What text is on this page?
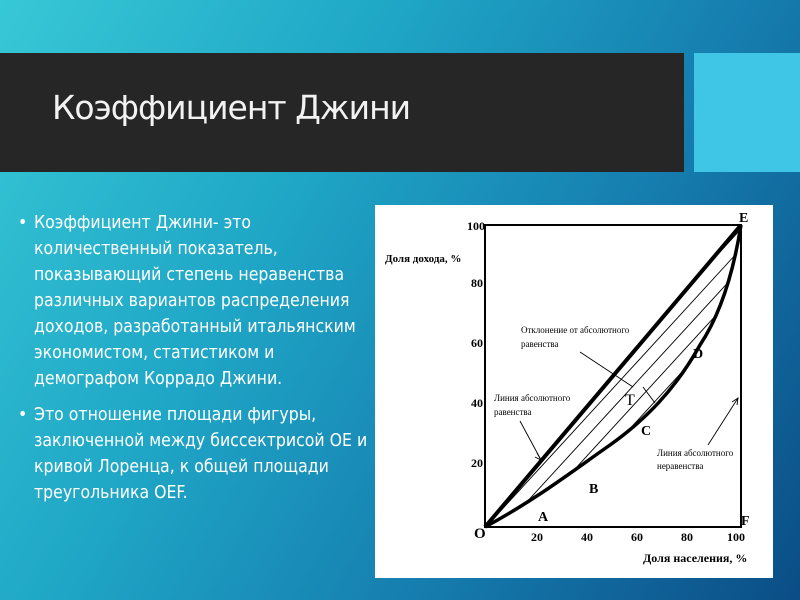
Коэффициент Джини
• Коэффициент Джини- это количественный показатель, показывающий степень неравенства различных вариантов распределения доходов, разработанный итальянским экономистом, статистиком и демографом Коррадо Джини.
• Это отношение площади фигуры, заключенной между биссектрисой OE и кривой Лоренца, к общей площади треугольника OEF.
100
80
60
40
20
20	40	60	80	100
Доля дохода, %
Доля населения, %
E
O
F
A
B
C
D
T
Отклонение от абсолютного
равенства
Линия абсолютного
равенства
Линия абсолютного
неравенства
